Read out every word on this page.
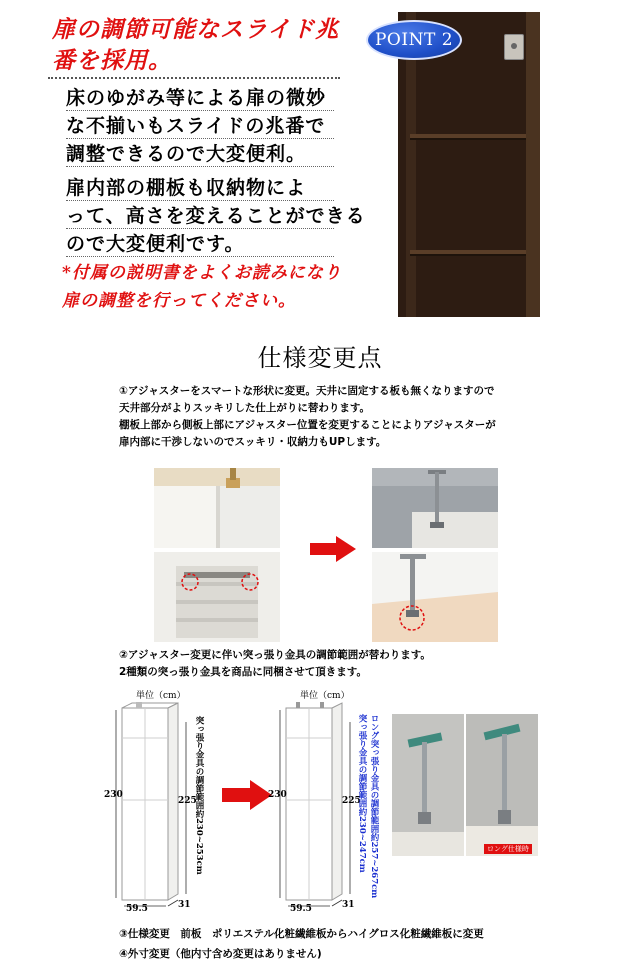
扉の調節可能なスライド兆
番を採用。
床のゆがみ等による扉の微妙
な不揃いもスライドの兆番で
調整できるので大変便利。
扉内部の棚板も収納物によ
って、高さを変えることができる
ので大変便利です。
*付属の説明書をよくお読みになり
扉の調整を行ってください。
POINT 2
仕様変更点
①アジャスターをスマートな形状に変更。天井に固定する板も無くなりますので
天井部分がよりスッキリした仕上がりに替わります。
棚板上部から側板上部にアジャスター位置を変更することによりアジャスターが
扉内部に干渉しないのでスッキリ・収納力もUPします。
②アジャスター変更に伴い突っ張り金具の調節範囲が替わります。
2種類の突っ張り金具を商品に同梱させて頂きます。
単位（cm）	単位（cm）
230
225
59.5	31
突っ張り金具の調節範囲約230~253cm	230
225
59.5	31
突っ張り金具の調節範囲約230~247cm ロング突っ張り金具の調節範囲約257~267cm	ロング仕様時
③仕様変更　前板　ポリエステル化粧繊維板からハイグロス化粧繊維板に変更
④外寸変更（他内寸含め変更はありません)
